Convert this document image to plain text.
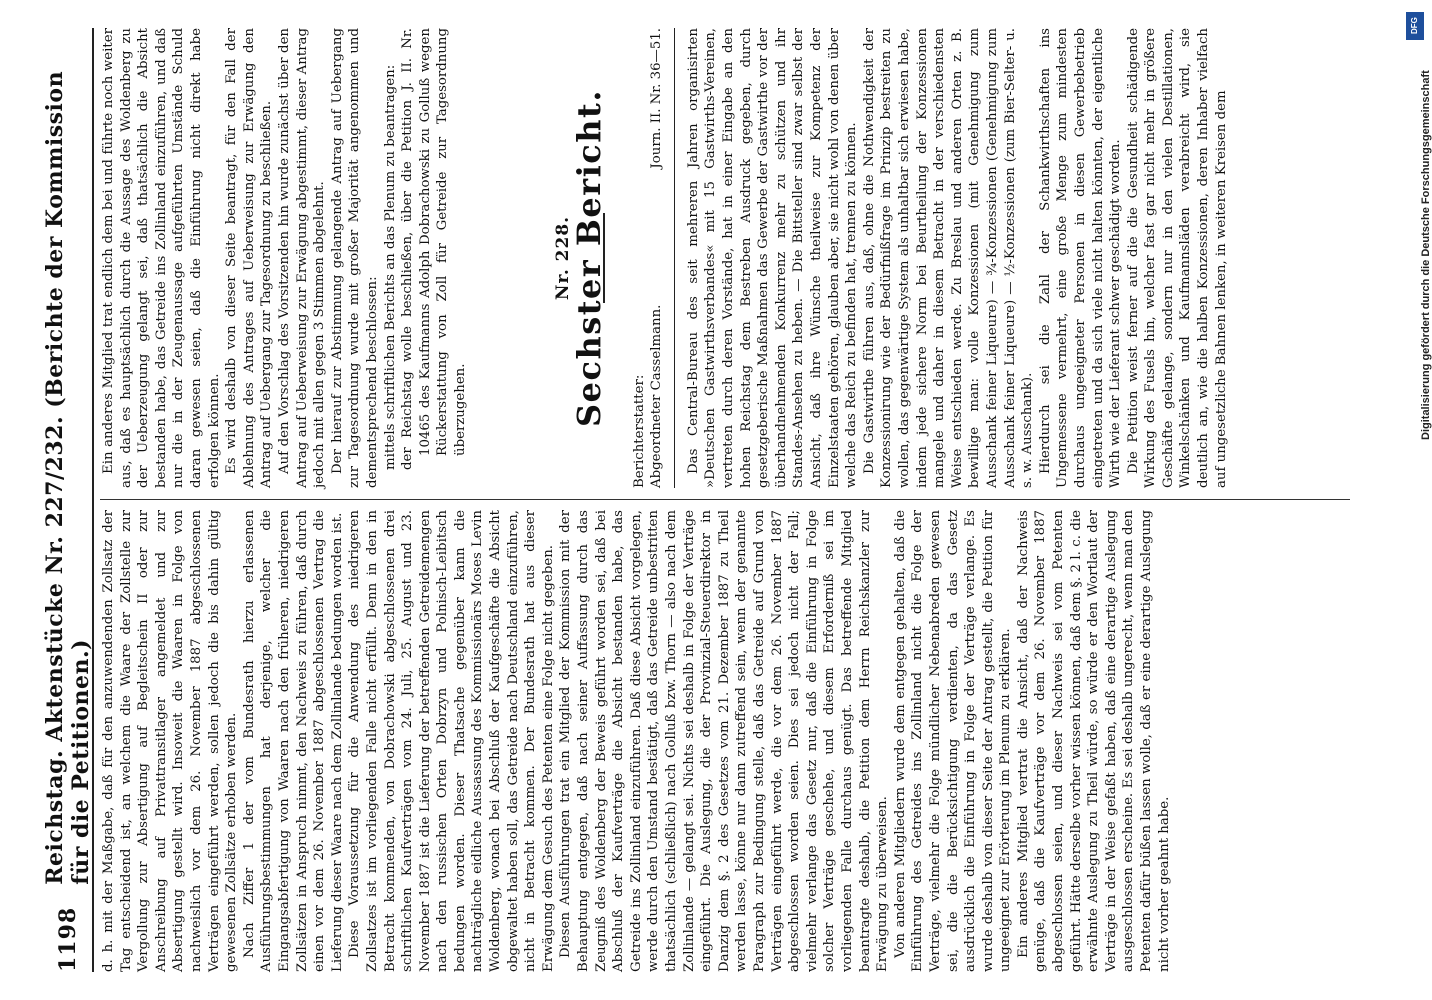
1198
Reichstag. Aktenstücke Nr. 227/232. (Berichte der Kommission für die Petitionen.) d. h. mit der Maßgabe, daß für den anzuwendenden Zollsatz der Tag entscheidend ist, an welchem die Waare der Zollstelle zur Vergollung zur Absertigung auf Begleitschein II oder zur Anschreibung auf Privattransitlager angemeldet und zur Absertigung gestellt wird. Insoweit die Waaren in Folge von nachweislich vor dem 26. November 1887 abgeschlossenen Verträgen eingeführt werden, sollen jedoch die bis dahin gültig gewesenen Zollsätze erhoben werden. Nach Ziffer 1 der vom Bundesrath hierzu erlassenen Ausführungsbestimmungen hat derjenige, welcher die Eingangsabfertigung von Waaren nach den früheren, niedrigeren Zollsätzen in Anspruch nimmt, den Nachweis zu führen, daß durch einen vor dem 26. November 1887 abgeschlossenen Vertrag die Lieferung dieser Waare nach dem Zollinlande bedungen worden ist. Diese Voraussetzung für die Anwendung des niedrigeren Zollsatzes ist im vorliegenden Falle nicht erfüllt. Denn in den in Betracht kommenden, von Dobrachowski abgeschlossenen drei schriftlichen Kaufverträgen vom 24. Juli, 25. August und 23. November 1887 ist die Lieferung der betreffenden Getreidemengen nach den russischen Orten Dobrzyn und Polnisch-Leibitsch bedungen worden. Dieser Thatsache gegenüber kann die nachträgliche eidliche Aussassung des Kommissionärs Moses Levin Woldenberg, wonach bei Abschluß der Kaufgeschäfte die Absicht obgewaltet haben soll, das Getreide nach Deutschland einzuführen, nicht in Betracht kommen. Der Bundesrath hat aus dieser Erwägung dem Gesuch des Petenten eine Folge nicht gegeben. Diesen Ausführungen trat ein Mitglied der Kommission mit der Behauptung entgegen, daß nach seiner Auffassung durch das Zeugniß des Woldenberg der Beweis geführt worden sei, daß bei Abschluß der Kaufverträge die Absicht bestanden habe, das Getreide ins Zollinland einzuführen. Daß diese Absicht vorgelegen, werde durch den Umstand bestätigt, daß das Getreide unbestritten thatsächlich (schließlich) nach Golluß bzw. Thorn — also nach dem Zollinlande — gelangt sei. Nichts sei deshalb in Folge der Verträge eingeführt. Die Auslegung, die der Provinzial-Steuerdirektor in Danzig dem §. 2 des Gesetzes vom 21. Dezember 1887 zu Theil werden lasse, könne nur dann zutreffend sein, wenn der genannte Paragraph zur Bedingung stelle, daß das Getreide auf Grund von Verträgen eingeführt werde, die vor dem 26. November 1887 abgeschlossen worden seien. Dies sei jedoch nicht der Fall; vielmehr verlange das Gesetz nur, daß die Einführung in Folge solcher Verträge geschehe, und diesem Erforderniß sei im vorliegenden Falle durchaus genügt. Das betreffende Mitglied beantragte deshalb, die Petition dem Herrn Reichskanzler zur Erwägung zu überweisen. Von anderen Mitgliedern wurde dem entgegen gehalten, daß die Einführung des Getreides ins Zollinland nicht die Folge der Verträge, vielmehr die Folge mündlicher Nebenabreden gewesen sei, die die Berücksichtigung verdienten, da das Gesetz ausdrücklich die Einführung in Folge der Verträge verlange. Es wurde deshalb von dieser Seite der Antrag gestellt, die Petition für ungeeignet zur Erörterung im Plenum zu erklären. Ein anderes Mitglied vertrat die Ansicht, daß der Nachweis genüge, daß die Kaufverträge vor dem 26. November 1887 abgeschlossen seien, und dieser Nachweis sei vom Petenten geführt. Hätte derselbe vorher wissen können, daß dem §. 2 l. c. die erwähnte Auslegung zu Theil würde, so würde er den Wortlaut der Verträge in der Weise gefaßt haben, daß eine derartige Auslegung ausgeschlossen erscheine. Es sei deshalb ungerecht, wenn man den Petenten dafür büßen lassen wolle, daß er eine derartige Auslegung nicht vorher geahnt habe.

Ein anderes Mitglied trat endlich dem bei und führte noch weiter aus, daß es hauptsächlich durch die Aussage des Woldenberg zu der Ueberzeugung gelangt sei, daß thatsächlich die Absicht bestanden habe, das Getreide ins Zollinland einzuführen, und daß nur die in der Zeugenaussage aufgeführten Umstände Schuld daran gewesen seien, daß die Einführung nicht direkt habe erfolgen können. Es wird deshalb von dieser Seite beantragt, für den Fall der Ablehnung des Antrages auf Ueberweisung zur Erwägung den Antrag auf Uebergang zur Tagesordnung zu beschließen. Auf den Vorschlag des Vorsitzenden hin wurde zunächst über den Antrag auf Ueberweisung zur Erwägung abgestimmt, dieser Antrag jedoch mit allen gegen 3 Stimmen abgelehnt. Der hierauf zur Abstimmung gelangende Antrag auf Uebergang zur Tagesordnung wurde mit großer Majorität angenommen und dementsprechend beschlossen: mittels schriftlichen Berichts an das Plenum zu beantragen: der Reichstag wolle beschließen, über die Petition J. II. Nr. 10465 des Kaufmanns Adolph Dobrachowski zu Golluß wegen Rückerstattung von Zoll für Getreide zur Tagesordnung überzugehen.

Nr. 228.
Sechster Bericht.
Berichterstatter: Abgeordneter Casselmann.
Journ. II. Nr. 36—51. Das Central-Bureau des seit mehreren Jahren organisirten »Deutschen Gastwirthsverbandes« mit 15 Gastwirths-Vereinen, vertreten durch deren Vorstände, hat in einer Eingabe an den hohen Reichstag dem Bestreben Ausdruck gegeben, durch gesetzgeberische Maßnahmen das Gewerbe der Gastwirthe vor der überhandnehmenden Konkurrenz mehr zu schützen und ihr Standes-Ansehen zu heben. — Die Bittsteller sind zwar selbst der Ansicht, daß ihre Wünsche theilweise zur Kompetenz der Einzelstaaten gehören, glauben aber, sie nicht wohl von denen über welche das Reich zu befinden hat, trennen zu können. Die Gastwirthe führen aus, daß, ohne die Nothwendigkeit der Konzessionirung wie der Bedürfnißfrage im Prinzip bestreiten zu wollen, das gegenwärtige System als unhaltbar sich erwiesen habe, indem jede sichere Norm bei Beurtheilung der Konzessionen mangele und daher in diesem Betracht in der verschiedensten Weise entschieden werde. Zu Breslau und anderen Orten z. B. bewillige man: volle Konzessionen (mit Genehmigung zum Ausschank feiner Liqueure) — ¾-Konzessionen (Genehmigung zum Ausschank feiner Liqueure) — ½-Konzessionen (zum Bier-Selter- u. s. w. Ausschank). Hierdurch sei die Zahl der Schankwirthschaften ins Ungemessene vermehrt, eine große Menge zum mindesten durchaus ungeeigneter Personen in diesen Gewerbebetrieb eingetreten und da sich viele nicht halten könnten, der eigentliche Wirth wie der Lieferant schwer geschädigt worden. Die Petition weist ferner auf die die Gesundheit schädigende Wirkung des Fusels hin, welcher fast gar nicht mehr in größere Geschäfte gelange, sondern nur in den vielen Destillationen, Winkelschänken und Kaufmannsläden verabreicht wird, sie deutlich an, wie die halben Konzessionen, deren Inhaber vielfach auf ungesetzliche Bahnen lenken, in weiteren Kreisen dem

DFG
Digitalisierung gefördert durch die Deutsche Forschungsgemeinschaft
